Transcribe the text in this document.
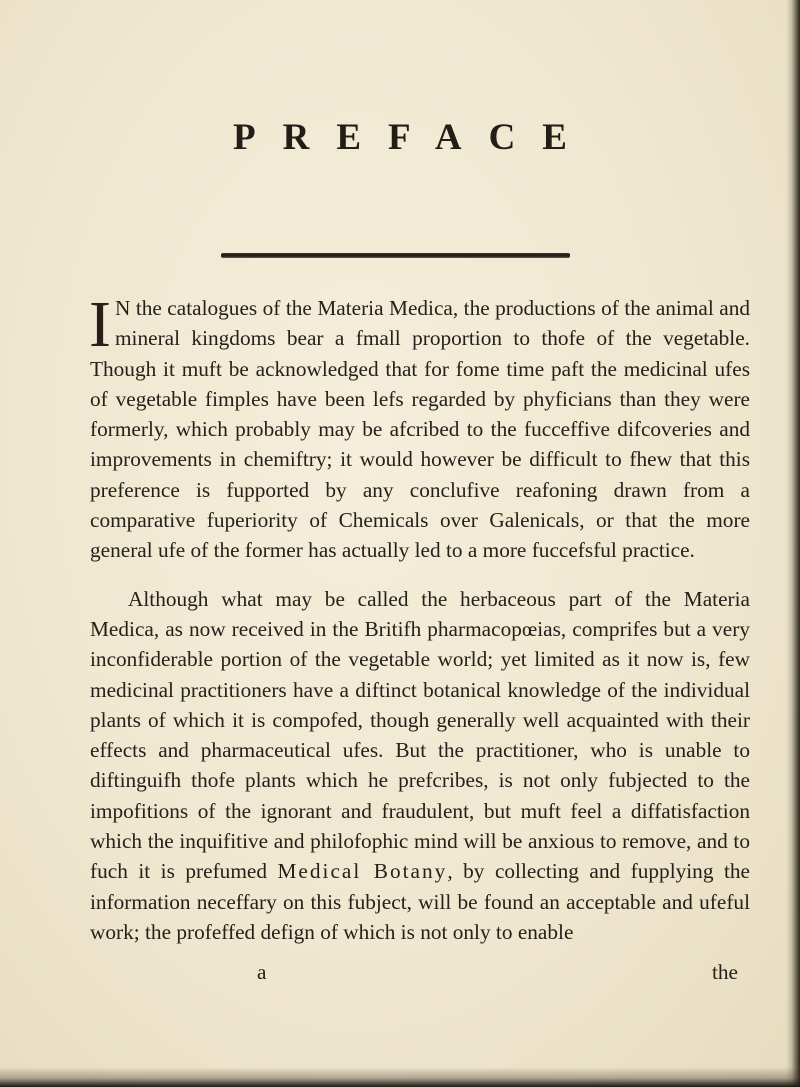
PREFACE

I N the catalogues of the Materia Medica, the productions of the animal and mineral kingdoms bear a fmall proportion to thofe of the vegetable. Though it muft be acknowledged that for fome time paft the medicinal ufes of vegetable fimples have been lefs regarded by phyficians than they were formerly, which probably may be afcribed to the fucceffive difcoveries and improvements in chemiftry; it would however be difficult to fhew that this preference is fupported by any conclufive reafoning drawn from a comparative fuperiority of Chemicals over Galenicals, or that the more general ufe of the former has actually led to a more fuccefsful practice.

Although what may be called the herbaceous part of the Materia Medica, as now received in the Britifh pharmacopœias, comprifes but a very inconfiderable portion of the vegetable world; yet limited as it now is, few medicinal practitioners have a diftinct botanical knowledge of the individual plants of which it is compofed, though generally well acquainted with their effects and pharmaceutical ufes. But the practitioner, who is unable to diftinguifh thofe plants which he prefcribes, is not only fubjected to the impofitions of the ignorant and fraudulent, but muft feel a diffatisfaction which the inquifitive and philofophic mind will be anxious to remove, and to fuch it is prefumed Medical Botany, by collecting and fupplying the information neceffary on this fubject, will be found an acceptable and ufeful work; the profeffed defign of which is not only to enable

a	the
